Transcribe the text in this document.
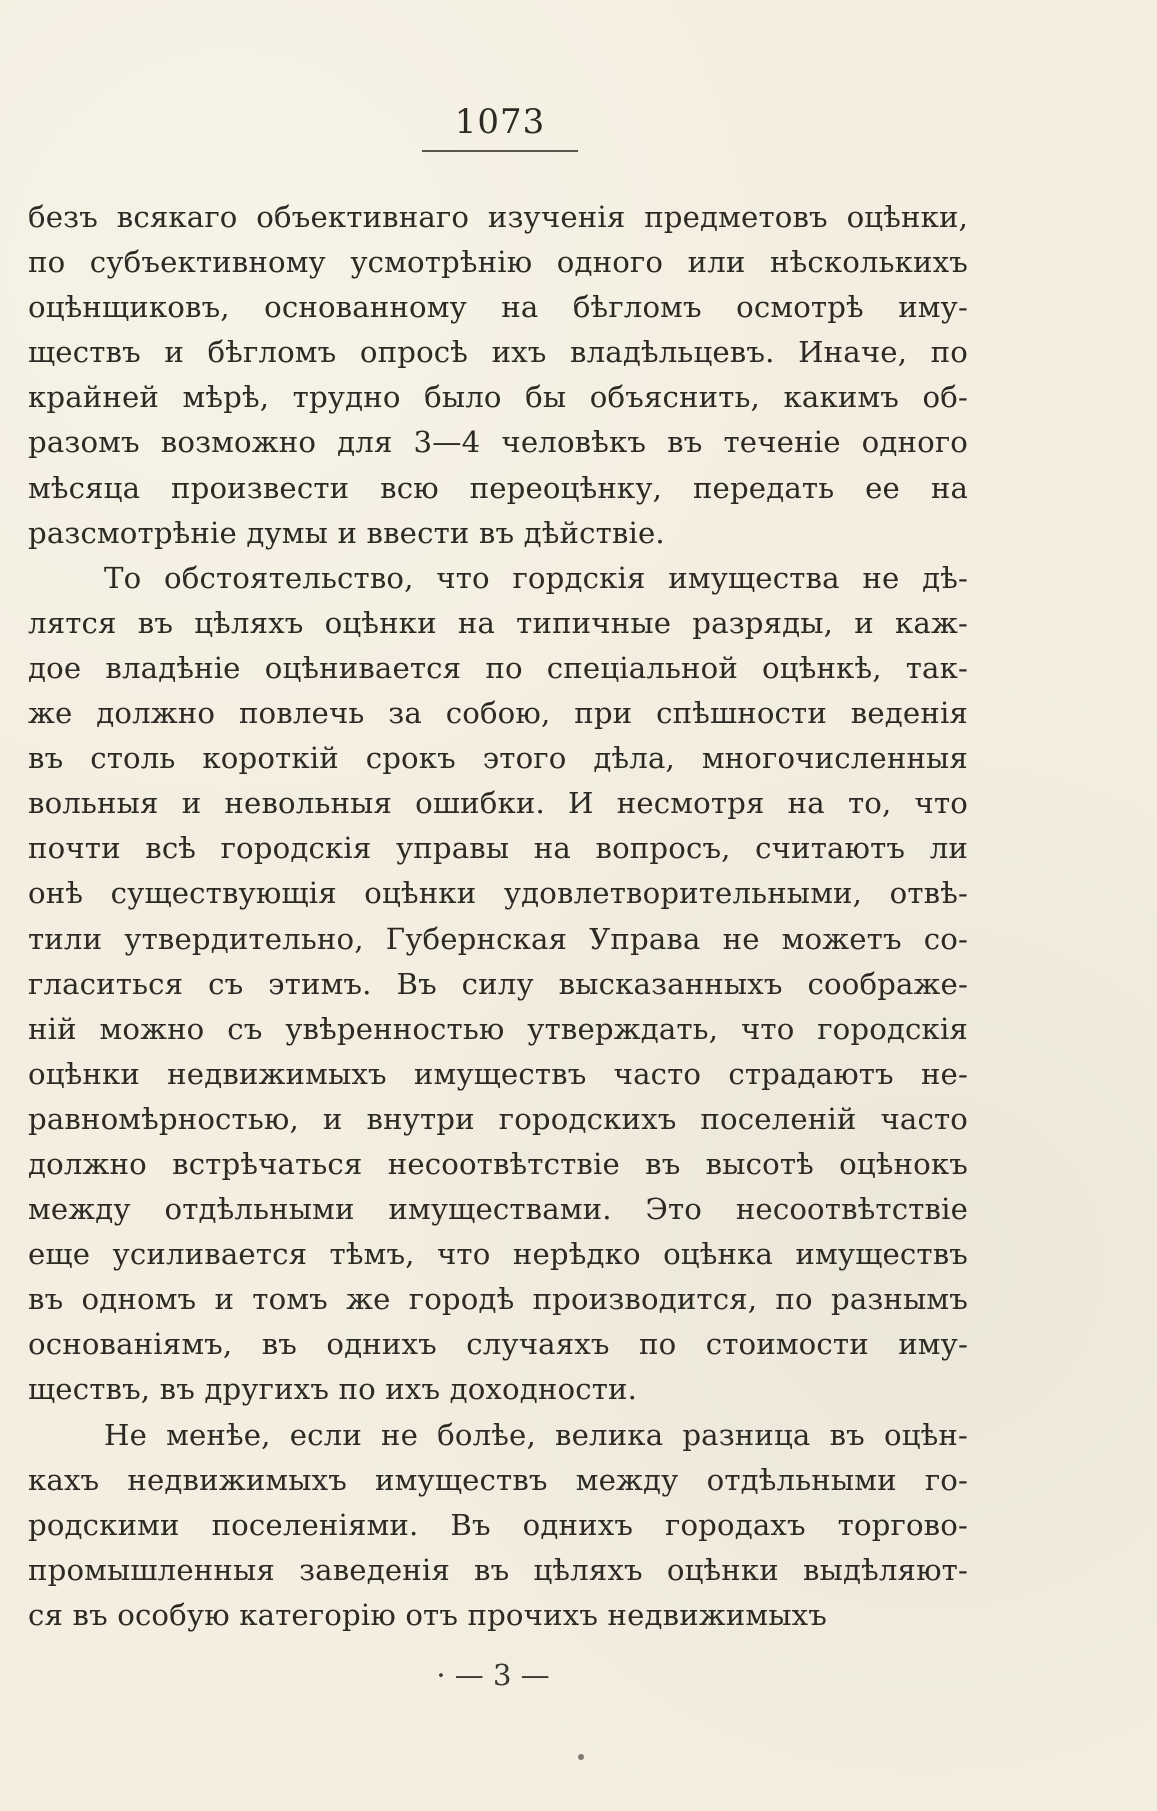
1073
безъ всякаго объективнаго изученія предметовъ оцѣнки,
по субъективному усмотрѣнію одного или нѣсколькихъ
оцѣнщиковъ, основанному на бѣгломъ осмотрѣ иму-
ществъ и бѣгломъ опросѣ ихъ владѣльцевъ. Иначе, по
крайней мѣрѣ, трудно было бы объяснить, какимъ об-
разомъ возможно для 3—4 человѣкъ въ теченіе одного
мѣсяца произвести всю переоцѣнку, передать ее на
разсмотрѣніе думы и ввести въ дѣйствіе.
То обстоятельство, что гордскія имущества не дѣ-
лятся въ цѣляхъ оцѣнки на типичные разряды, и каж-
дое владѣніе оцѣнивается по спеціальной оцѣнкѣ, так-
же должно повлечь за собою, при спѣшности веденія
въ столь короткій срокъ этого дѣла, многочисленныя
вольныя и невольныя ошибки. И несмотря на то, что
почти всѣ городскія управы на вопросъ, считаютъ ли
онѣ существующія оцѣнки удовлетворительными, отвѣ-
тили утвердительно, Губернская Управа не можетъ со-
гласиться съ этимъ. Въ силу высказанныхъ соображе-
ній можно съ увѣренностью утверждать, что городскія
оцѣнки недвижимыхъ имуществъ часто страдаютъ не-
равномѣрностью, и внутри городскихъ поселеній часто
должно встрѣчаться несоотвѣтствіе въ высотѣ оцѣнокъ
между отдѣльными имуществами. Это несоотвѣтствіе
еще усиливается тѣмъ, что нерѣдко оцѣнка имуществъ
въ одномъ и томъ же городѣ производится, по разнымъ
основаніямъ, въ однихъ случаяхъ по стоимости иму-
ществъ, въ другихъ по ихъ доходности.
Не менѣе, если не болѣе, велика разница въ оцѣн-
кахъ недвижимыхъ имуществъ между отдѣльными го-
родскими поселеніями. Въ однихъ городахъ торгово-
промышленныя заведенія въ цѣляхъ оцѣнки выдѣляют-
ся въ особую категорію отъ прочихъ недвижимыхъ
· — 3 —
